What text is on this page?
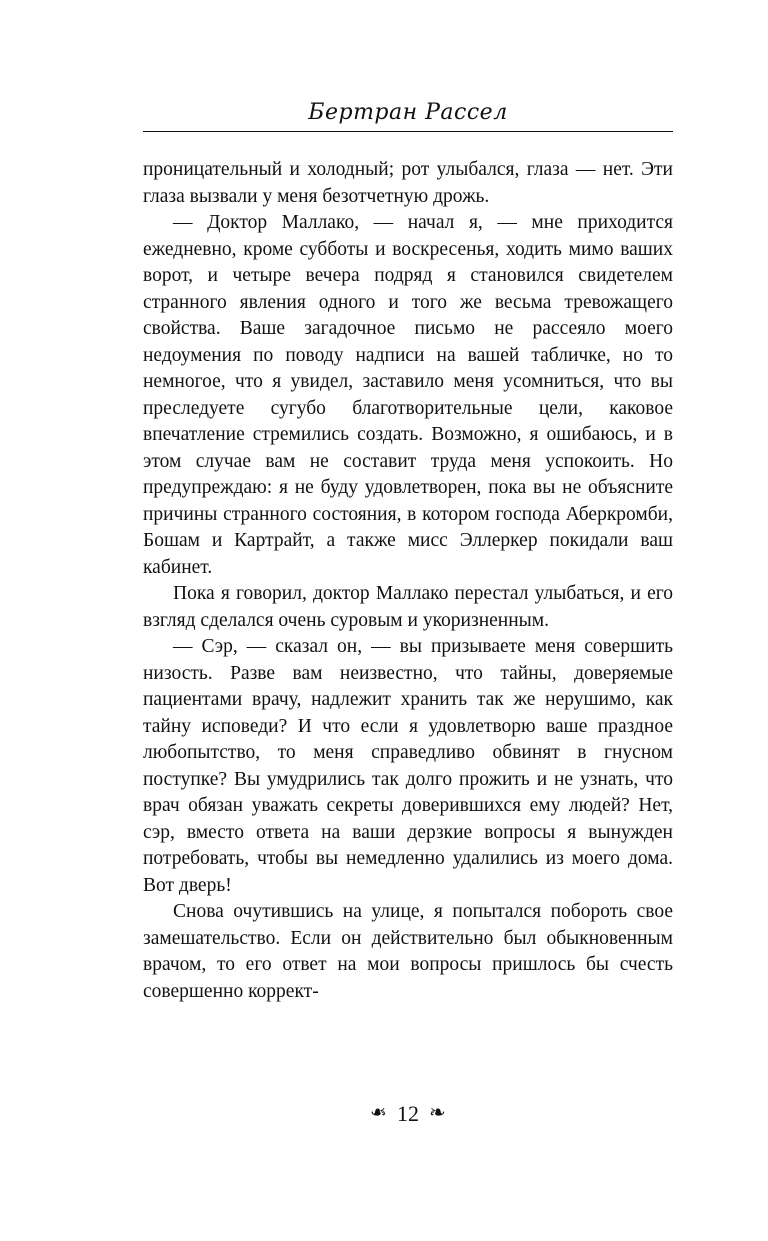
Бертран Рассел

проницательный и холодный; рот улыбался, глаза — нет. Эти глаза вызвали у меня безотчетную дрожь.

— Доктор Маллако, — начал я, — мне приходится ежедневно, кроме субботы и воскресенья, ходить мимо ваших ворот, и четыре вечера подряд я становился свидетелем странного явления одного и того же весьма тревожащего свойства. Ваше загадочное письмо не рассеяло моего недоумения по поводу надписи на вашей табличке, но то немногое, что я увидел, заставило меня усомниться, что вы преследуете сугубо благотворительные цели, каковое впечатление стремились создать. Возможно, я ошибаюсь, и в этом случае вам не составит труда меня успокоить. Но предупреждаю: я не буду удовлетворен, пока вы не объясните причины странного состояния, в котором господа Аберкромби, Бошам и Картрайт, а также мисс Эллеркер покидали ваш кабинет.

Пока я говорил, доктор Маллако перестал улыбаться, и его взгляд сделался очень суровым и укоризненным.

— Сэр, — сказал он, — вы призываете меня совершить низость. Разве вам неизвестно, что тайны, доверяемые пациентами врачу, надлежит хранить так же нерушимо, как тайну исповеди? И что если я удовлетворю ваше праздное любопытство, то меня справедливо обвинят в гнусном поступке? Вы умудрились так долго прожить и не узнать, что врач обязан уважать секреты доверившихся ему людей? Нет, сэр, вместо ответа на ваши дерзкие вопросы я вынужден потребовать, чтобы вы немедленно удалились из моего дома. Вот дверь!

Снова очутившись на улице, я попытался побороть свое замешательство. Если он действительно был обыкновенным врачом, то его ответ на мои вопросы пришлось бы счесть совершенно коррект-

❧ 12 ❧
